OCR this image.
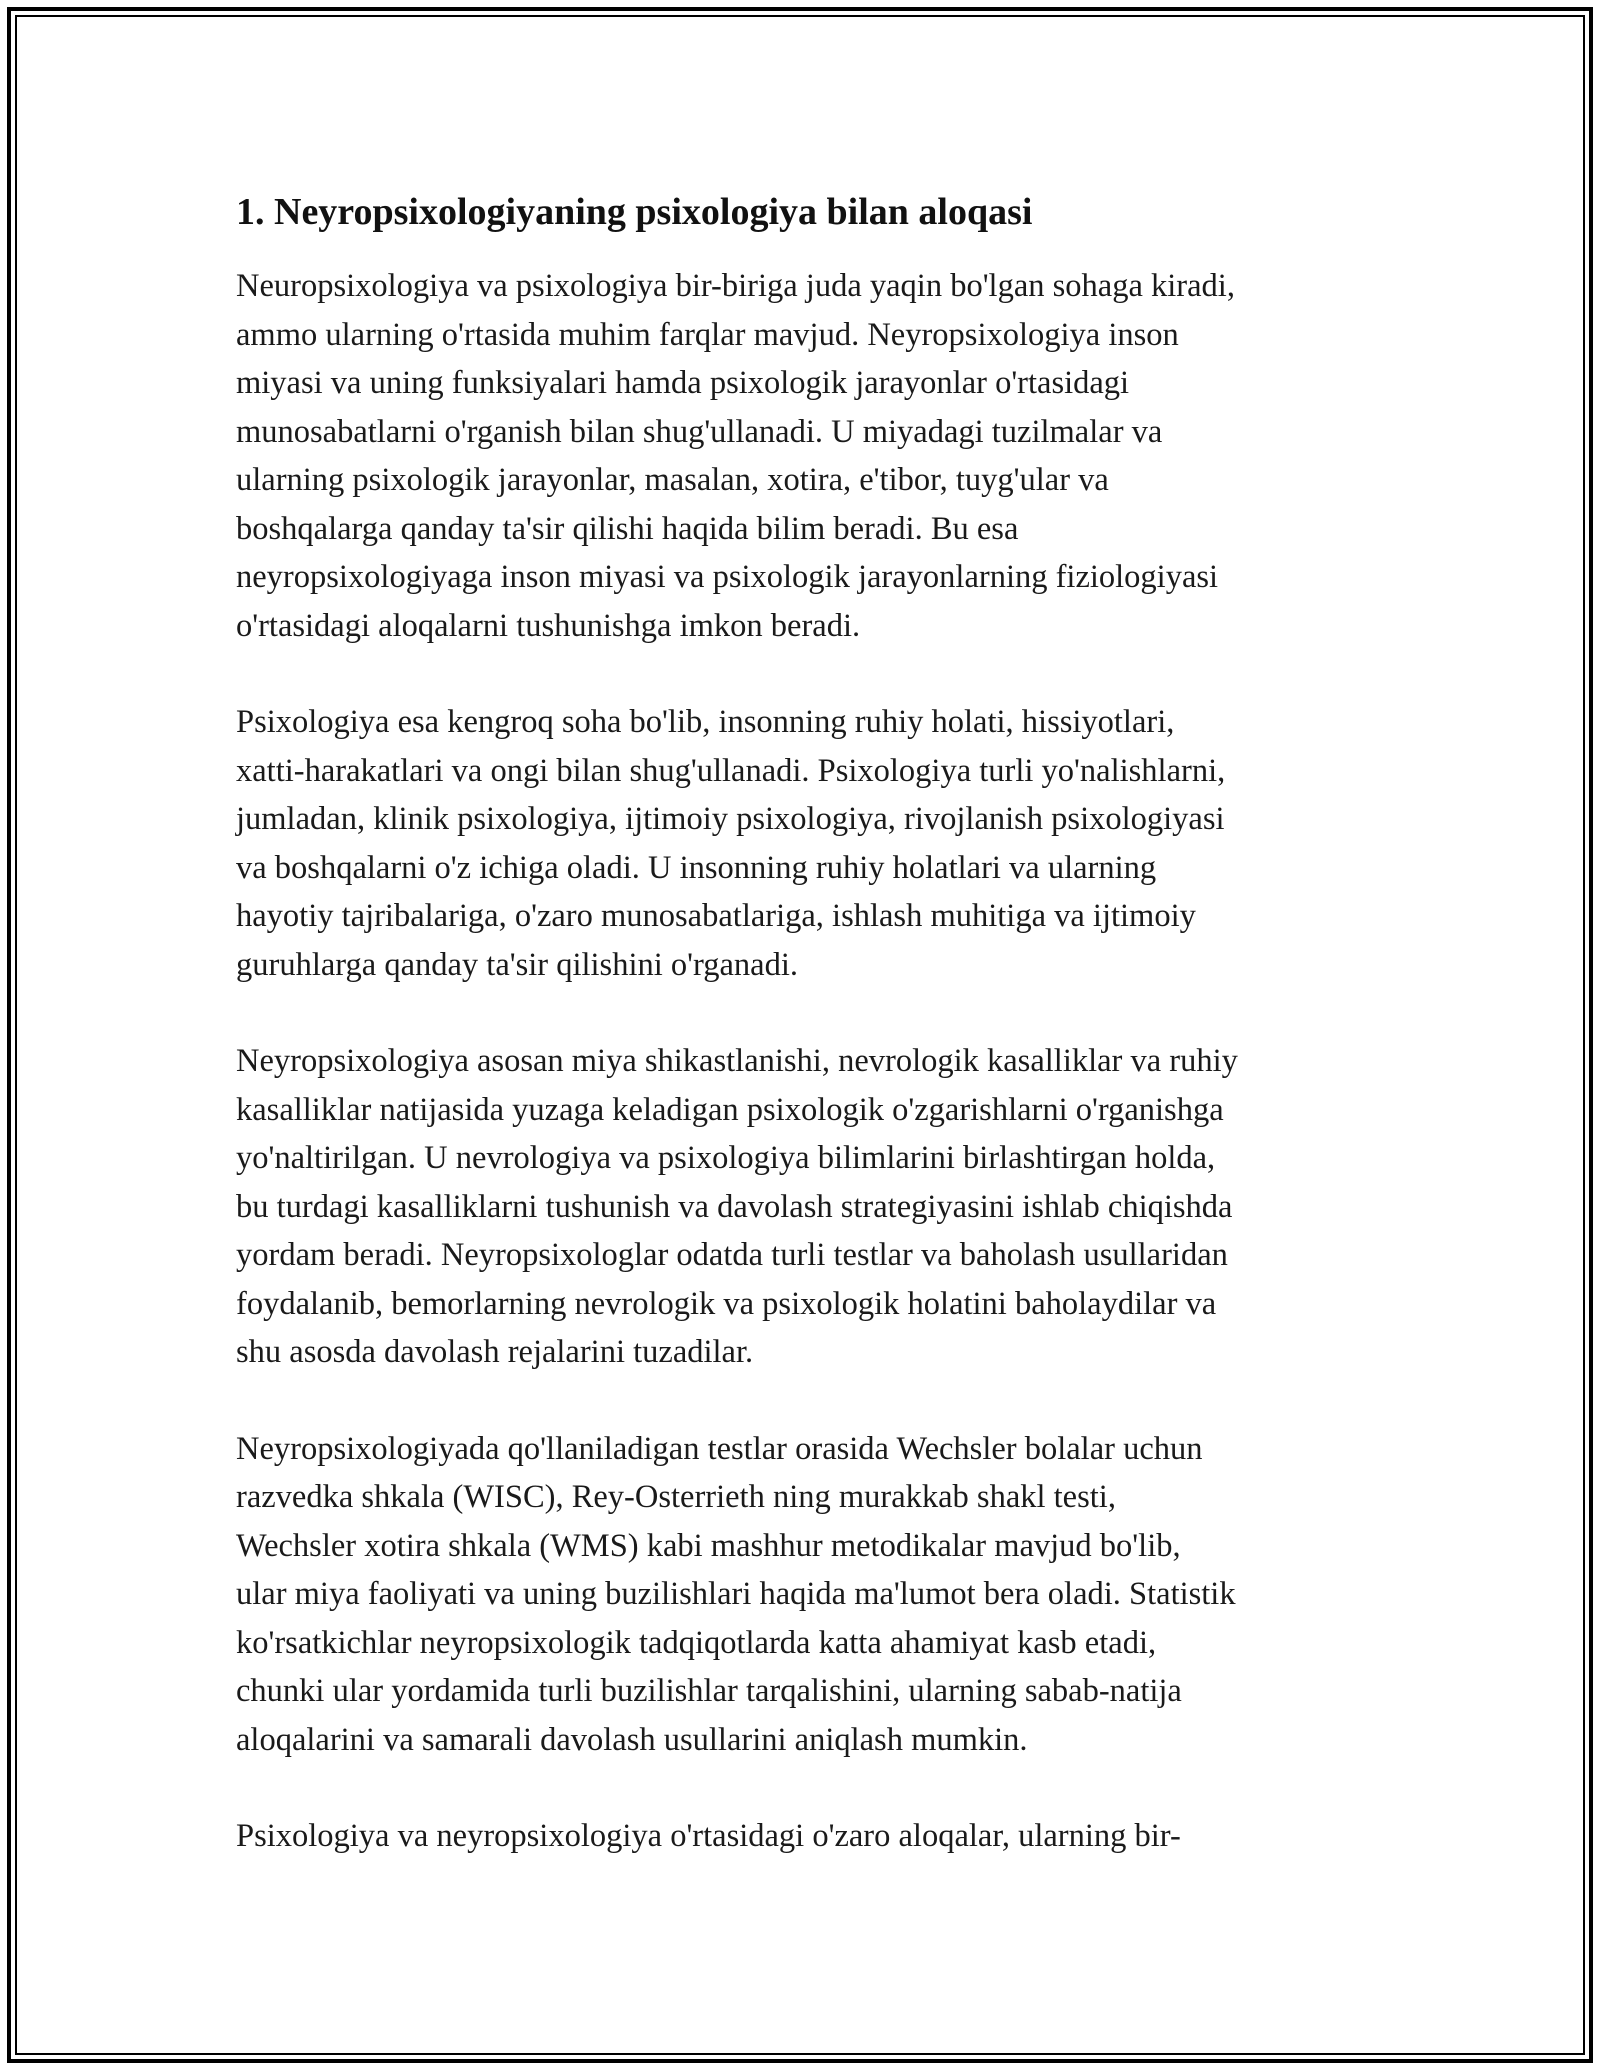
1. Neyropsixologiyaning psixologiya bilan aloqasi

Neuropsixologiya va psixologiya bir-biriga juda yaqin bo'lgan sohaga kiradi,
ammo ularning o'rtasida muhim farqlar mavjud. Neyropsixologiya inson
miyasi va uning funksiyalari hamda psixologik jarayonlar o'rtasidagi
munosabatlarni o'rganish bilan shug'ullanadi. U miyadagi tuzilmalar va
ularning psixologik jarayonlar, masalan, xotira, e'tibor, tuyg'ular va
boshqalarga qanday ta'sir qilishi haqida bilim beradi. Bu esa
neyropsixologiyaga inson miyasi va psixologik jarayonlarning fiziologiyasi
o'rtasidagi aloqalarni tushunishga imkon beradi.

Psixologiya esa kengroq soha bo'lib, insonning ruhiy holati, hissiyotlari,
xatti-harakatlari va ongi bilan shug'ullanadi. Psixologiya turli yo'nalishlarni,
jumladan, klinik psixologiya, ijtimoiy psixologiya, rivojlanish psixologiyasi
va boshqalarni o'z ichiga oladi. U insonning ruhiy holatlari va ularning
hayotiy tajribalariga, o'zaro munosabatlariga, ishlash muhitiga va ijtimoiy
guruhlarga qanday ta'sir qilishini o'rganadi.

Neyropsixologiya asosan miya shikastlanishi, nevrologik kasalliklar va ruhiy
kasalliklar natijasida yuzaga keladigan psixologik o'zgarishlarni o'rganishga
yo'naltirilgan. U nevrologiya va psixologiya bilimlarini birlashtirgan holda,
bu turdagi kasalliklarni tushunish va davolash strategiyasini ishlab chiqishda
yordam beradi. Neyropsixologlar odatda turli testlar va baholash usullaridan
foydalanib, bemorlarning nevrologik va psixologik holatini baholaydilar va
shu asosda davolash rejalarini tuzadilar.

Neyropsixologiyada qo'llaniladigan testlar orasida Wechsler bolalar uchun
razvedka shkala (WISC), Rey-Osterrieth ning murakkab shakl testi,
Wechsler xotira shkala (WMS) kabi mashhur metodikalar mavjud bo'lib,
ular miya faoliyati va uning buzilishlari haqida ma'lumot bera oladi. Statistik
ko'rsatkichlar neyropsixologik tadqiqotlarda katta ahamiyat kasb etadi,
chunki ular yordamida turli buzilishlar tarqalishini, ularning sabab-natija
aloqalarini va samarali davolash usullarini aniqlash mumkin.

Psixologiya va neyropsixologiya o'rtasidagi o'zaro aloqalar, ularning bir-
